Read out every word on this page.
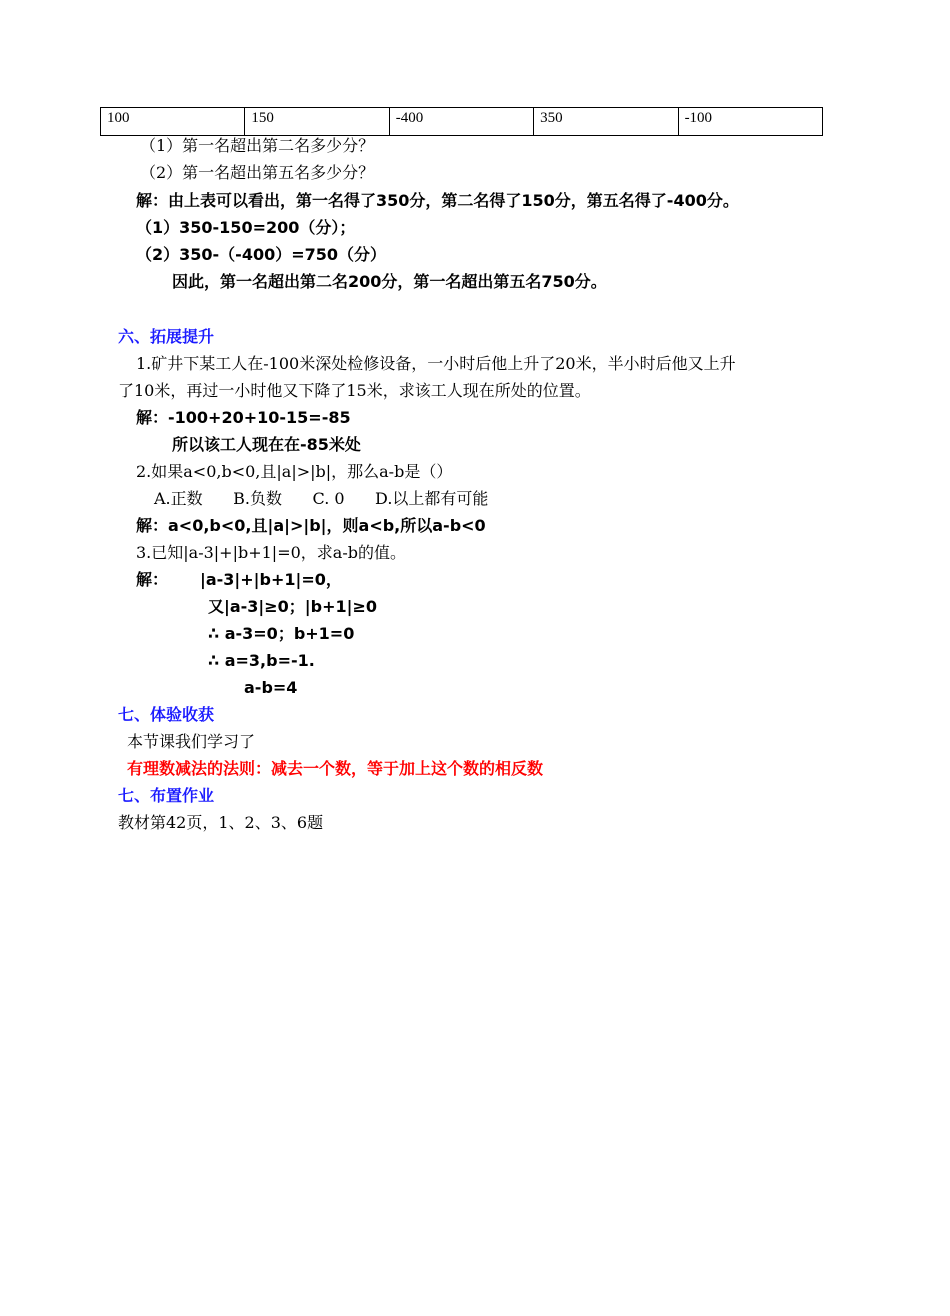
100	150	-400	350	-100
（1）第一名超出第二名多少分？
（2）第一名超出第五名多少分？
解：由上表可以看出，第一名得了350分，第二名得了150分，第五名得了-400分。
（1）350-150=200（分）；
（2）350-（-400）=750（分）
因此，第一名超出第二名200分，第一名超出第五名750分。
六、拓展提升
1.矿井下某工人在-100米深处检修设备，一小时后他上升了20米，半小时后他又上升
了10米，再过一小时他又下降了15米，求该工人现在所处的位置。
解：-100+20+10-15=-85
所以该工人现在在-85米处
2.如果a<0,b<0,且|a|>|b|，那么a-b是（）
A.正数      B.负数      C. 0      D.以上都有可能
解：a<0,b<0,且|a|>|b|，则a<b,所以a-b<0
3.已知|a-3|+|b+1|=0，求a-b的值。
解： |a-3|+|b+1|=0，
又|a-3|≥0；|b+1|≥0
∴ a-3=0；b+1=0
∴ a=3,b=-1.
a-b=4
七、体验收获
本节课我们学习了
有理数减法的法则：减去一个数，等于加上这个数的相反数
七、布置作业
教材第42页，1、2、3、6题
